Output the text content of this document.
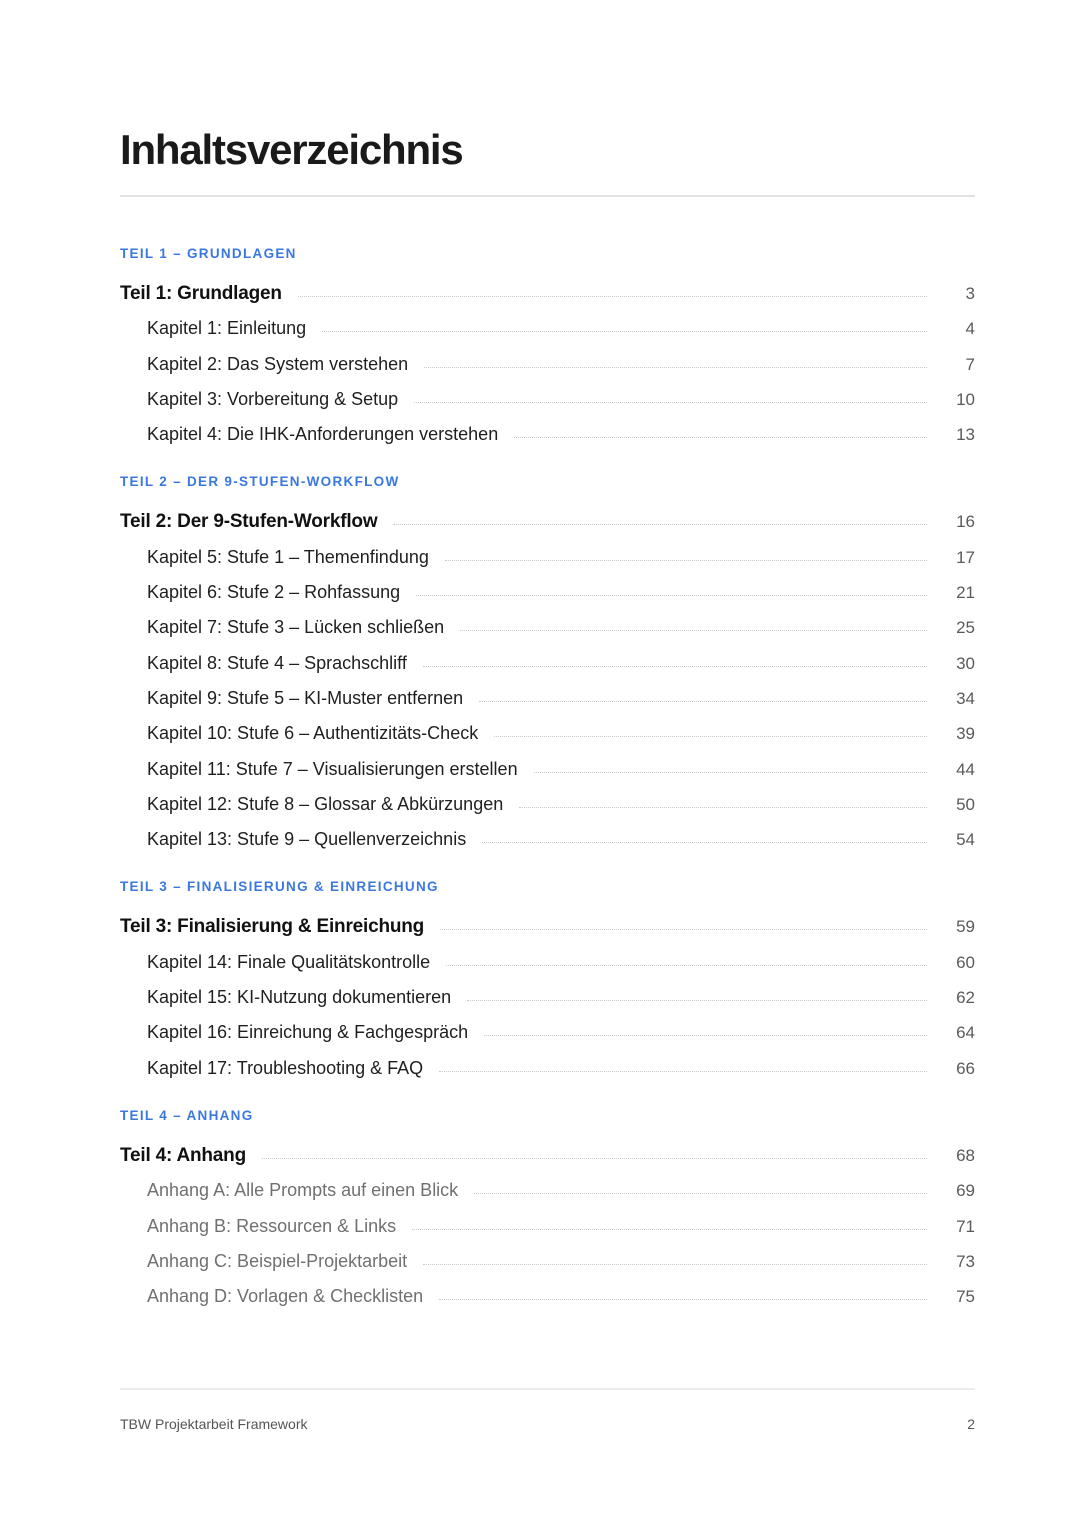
Inhaltsverzeichnis
TEIL 1 – GRUNDLAGEN
Teil 1: Grundlagen	3
Kapitel 1: Einleitung	4
Kapitel 2: Das System verstehen	7
Kapitel 3: Vorbereitung & Setup	10
Kapitel 4: Die IHK-Anforderungen verstehen	13
TEIL 2 – DER 9-STUFEN-WORKFLOW
Teil 2: Der 9-Stufen-Workflow	16
Kapitel 5: Stufe 1 – Themenfindung	17
Kapitel 6: Stufe 2 – Rohfassung	21
Kapitel 7: Stufe 3 – Lücken schließen	25
Kapitel 8: Stufe 4 – Sprachschliff	30
Kapitel 9: Stufe 5 – KI-Muster entfernen	34
Kapitel 10: Stufe 6 – Authentizitäts-Check	39
Kapitel 11: Stufe 7 – Visualisierungen erstellen	44
Kapitel 12: Stufe 8 – Glossar & Abkürzungen	50
Kapitel 13: Stufe 9 – Quellenverzeichnis	54
TEIL 3 – FINALISIERUNG & EINREICHUNG
Teil 3: Finalisierung & Einreichung	59
Kapitel 14: Finale Qualitätskontrolle	60
Kapitel 15: KI-Nutzung dokumentieren	62
Kapitel 16: Einreichung & Fachgespräch	64
Kapitel 17: Troubleshooting & FAQ	66
TEIL 4 – ANHANG
Teil 4: Anhang	68
Anhang A: Alle Prompts auf einen Blick	69
Anhang B: Ressourcen & Links	71
Anhang C: Beispiel-Projektarbeit	73
Anhang D: Vorlagen & Checklisten	75
TBW Projektarbeit Framework	2
